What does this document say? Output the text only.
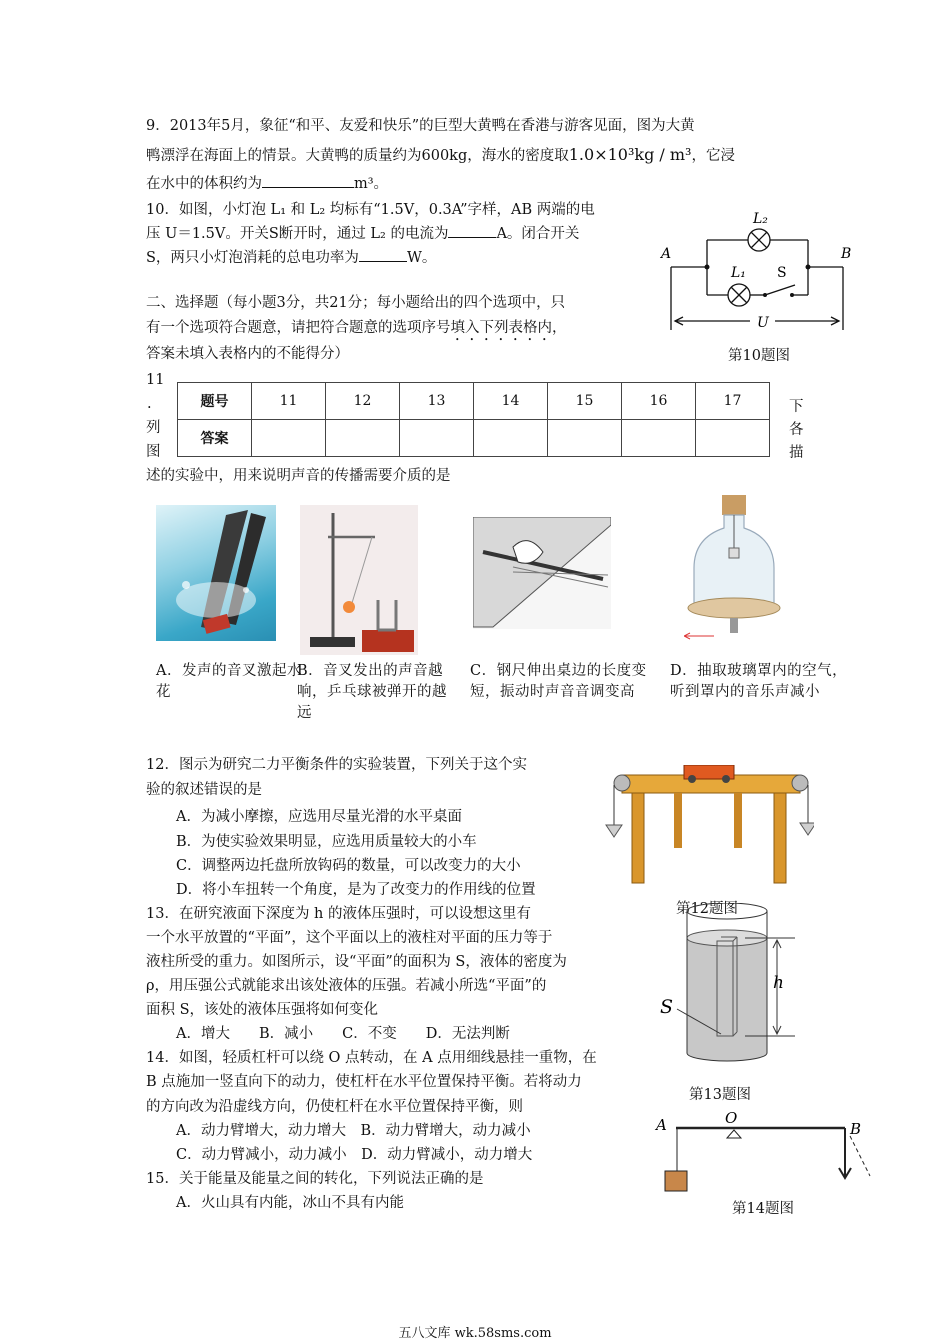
9．2013年5月，象征“和平、友爱和快乐”的巨型大黄鸭在香港与游客见面，图为大黄
鸭漂浮在海面上的情景。大黄鸭的质量约为600kg，海水的密度取1.0×10³kg / m³，它浸
在水中的体积约为	m³。
10．如图，小灯泡 L₁ 和 L₂ 均标有“1.5V，0.3A”字样，AB 两端的电
压 U＝1.5V。开关S断开时，通过 L₂ 的电流为	A。闭合开关
S，两只小灯泡消耗的总电功率为	W。	A	B
L₂
L₁ S
U
第10题图
二、选择题（每小题3分，共21分；每小题给出的四个选项中，只
有一个选项符合题意，请把符合题意的选项序号填入下列表格内，
答案未填入表格内的不能得分）
11
.
列
图
下
各
描
题号	11	12	13	14	15	16	17
答案							
述的实验中，用来说明声音的传播需要介质的是
A．发声的音叉激起水花
B．音叉发出的声音越响，乒乓球被弹开的越远
C．钢尺伸出桌边的长度变短，振动时声音音调变高
D．抽取玻璃罩内的空气，听到罩内的音乐声减小
12．图示为研究二力平衡条件的实验装置，下列关于这个实
验的叙述错误的是
A．为减小摩擦，应选用尽量光滑的水平桌面
B．为使实验效果明显，应选用质量较大的小车
C．调整两边托盘所放钩码的数量，可以改变力的大小
D．将小车扭转一个角度，是为了改变力的作用线的位置
第12题图
13．在研究液面下深度为 h 的液体压强时，可以设想这里有
一个水平放置的“平面”，这个平面以上的液柱对平面的压力等于
液柱所受的重力。如图所示，设“平面”的面积为 S，液体的密度为
ρ，用压强公式就能求出该处液体的压强。若减小所选“平面”的
面积 S，该处的液体压强将如何变化
A．增大　　B．减小　　C．不变　　D．无法判断
h
S
第13题图
14．如图，轻质杠杆可以绕 O 点转动，在 A 点用细线悬挂一重物，在
B 点施加一竖直向下的动力，使杠杆在水平位置保持平衡。若将动力
的方向改为沿虚线方向，仍使杠杆在水平位置保持平衡，则
A．动力臂增大，动力增大　B．动力臂增大，动力减小
C．动力臂减小，动力减小　D．动力臂减小，动力增大
A	O
B
第14题图
15．关于能量及能量之间的转化，下列说法正确的是
A．火山具有内能，冰山不具有内能
五八文库 wk.58sms.com
